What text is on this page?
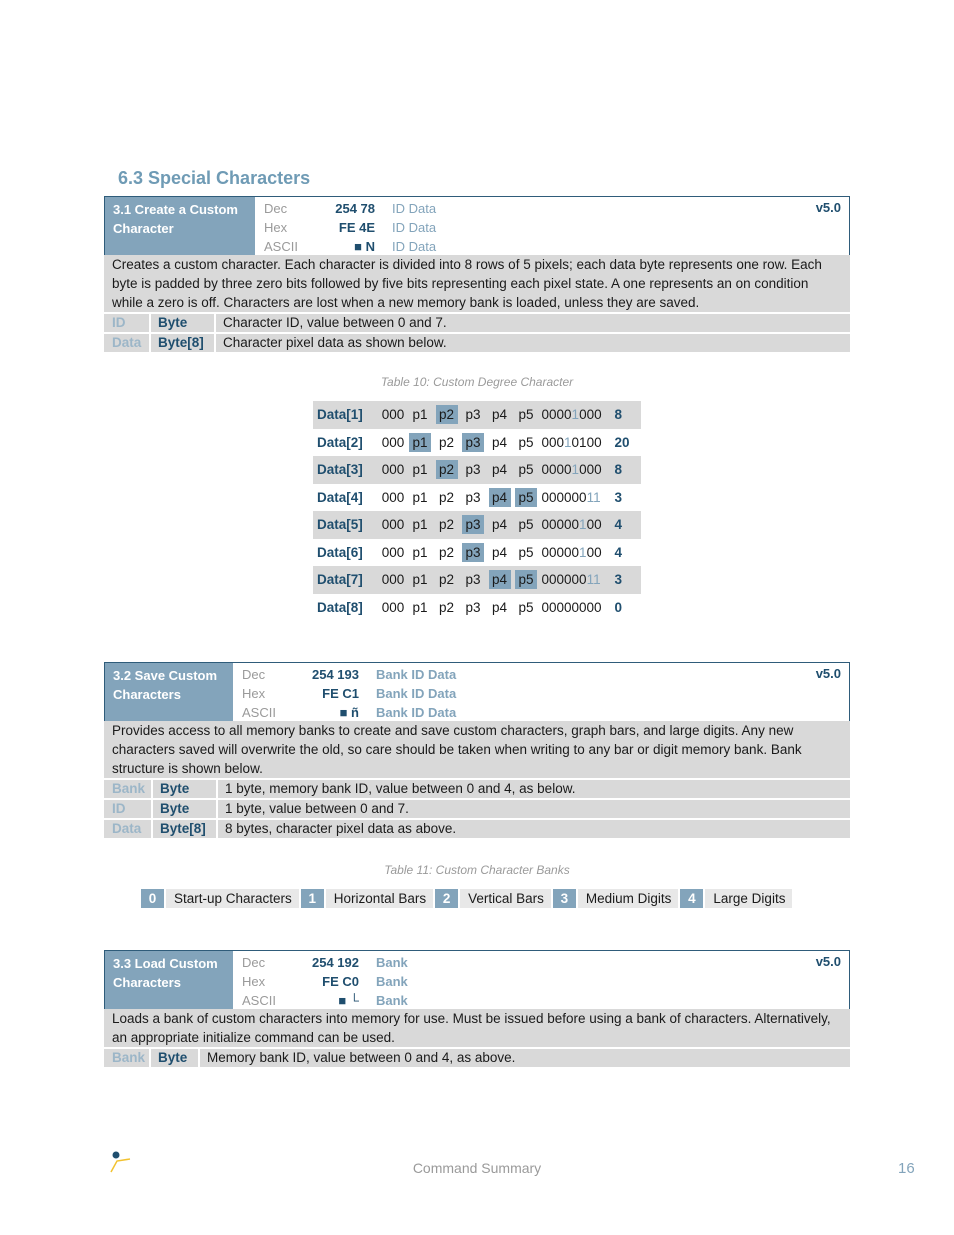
6.3 Special Characters
3.1 Create a Custom
Character
Dec	254 78	ID Data
Hex	FE 4E	ID Data
ASCII	■ N	ID Data
v5.0
Creates a custom character. Each character is divided into 8 rows of 5 pixels; each data byte represents one row. Each byte is padded by three zero bits followed by five bits representing each pixel state. A one represents an on condition while a zero is off. Characters are lost when a new memory bank is loaded, unless they are saved.
ID	Byte	Character ID, value between 0 and 7.
Data	Byte[8]	Character pixel data as shown below.
Table 10: Custom Degree Character
Data[1]	000 p1 p2 p3 p4 p5 00001000 8
Data[2]	000 p1 p2 p3 p4 p5 00010100 20
Data[3]	000 p1 p2 p3 p4 p5 00001000 8
Data[4]	000 p1 p2 p3 p4 p5 00000011	3
Data[5]	000 p1 p2 p3 p4 p5 00000100 4
Data[6]	000 p1 p2 p3 p4 p5 00000100 4
Data[7]	000 p1 p2 p3 p4 p5 00000011	3
Data[8]	000 p1 p2 p3 p4 p5 00000000 0
3.2 Save Custom
Characters
Dec	254 193	Bank ID Data
Hex	FE C1	Bank ID Data
ASCII	■ ñ	Bank ID Data
v5.0
Provides access to all memory banks to create and save custom characters, graph bars, and large digits. Any new characters saved will overwrite the old, so care should be taken when writing to any bar or digit memory bank. Bank structure is shown below.
Bank	Byte	1 byte, memory bank ID, value between 0 and 4, as below.
ID	Byte	1 byte, value between 0 and 7.
Data	Byte[8]	8 bytes, character pixel data as above.
Table 11: Custom Character Banks
0	Start-up Characters	1	Horizontal Bars	2	Vertical Bars	3	Medium Digits	4	Large Digits
3.3 Load Custom
Characters
Dec	254 192	Bank
Hex	FE C0	Bank
ASCII	■ └	Bank
v5.0
Loads a bank of custom characters into memory for use. Must be issued before using a bank of characters. Alternatively, an appropriate initialize command can be used.
Bank Byte	Memory bank ID, value between 0 and 4, as above.
Command Summary	16
